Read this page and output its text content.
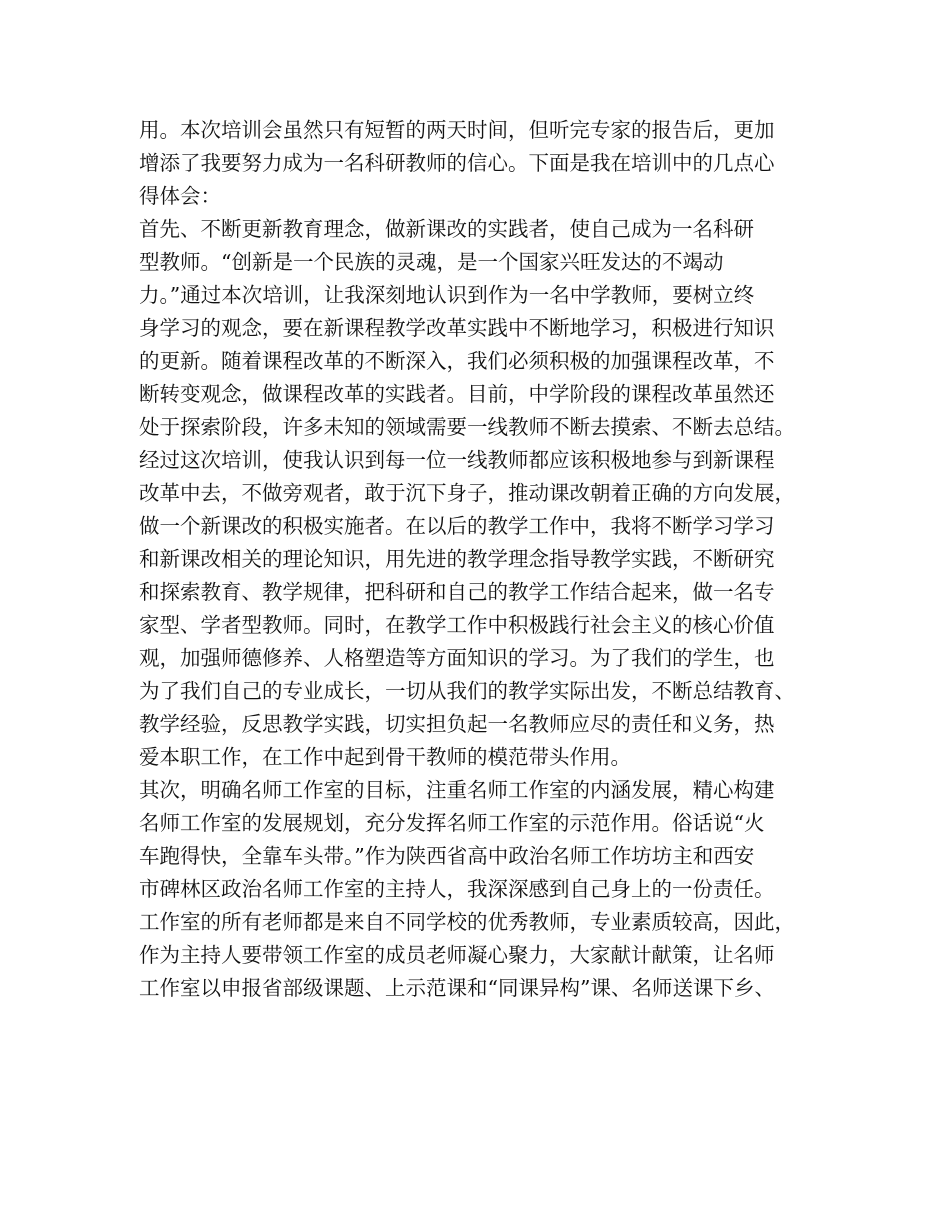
用。本次培训会虽然只有短暂的两天时间，但听完专家的报告后，更加
增添了我要努力成为一名科研教师的信心。下面是我在培训中的几点心
得体会：
首先、不断更新教育理念，做新课改的实践者，使自己成为一名科研
型教师。“创新是一个民族的灵魂，是一个国家兴旺发达的不竭动
力。”通过本次培训，让我深刻地认识到作为一名中学教师，要树立终
身学习的观念，要在新课程教学改革实践中不断地学习，积极进行知识
的更新。随着课程改革的不断深入，我们必须积极的加强课程改革，不
断转变观念，做课程改革的实践者。目前，中学阶段的课程改革虽然还
处于探索阶段，许多未知的领域需要一线教师不断去摸索、不断去总结。
经过这次培训，使我认识到每一位一线教师都应该积极地参与到新课程
改革中去，不做旁观者，敢于沉下身子，推动课改朝着正确的方向发展，
做一个新课改的积极实施者。在以后的教学工作中，我将不断学习学习
和新课改相关的理论知识，用先进的教学理念指导教学实践，不断研究
和探索教育、教学规律，把科研和自己的教学工作结合起来，做一名专
家型、学者型教师。同时，在教学工作中积极践行社会主义的核心价值
观，加强师德修养、人格塑造等方面知识的学习。为了我们的学生，也
为了我们自己的专业成长，一切从我们的教学实际出发，不断总结教育、
教学经验，反思教学实践，切实担负起一名教师应尽的责任和义务，热
爱本职工作，在工作中起到骨干教师的模范带头作用。
其次，明确名师工作室的目标，注重名师工作室的内涵发展，精心构建
名师工作室的发展规划，充分发挥名师工作室的示范作用。俗话说“火
车跑得快，全靠车头带。”作为陕西省高中政治名师工作坊坊主和西安
市碑林区政治名师工作室的主持人，我深深感到自己身上的一份责任。
工作室的所有老师都是来自不同学校的优秀教师，专业素质较高，因此，
作为主持人要带领工作室的成员老师凝心聚力，大家献计献策，让名师
工作室以申报省部级课题、上示范课和“同课异构”课、名师送课下乡、
